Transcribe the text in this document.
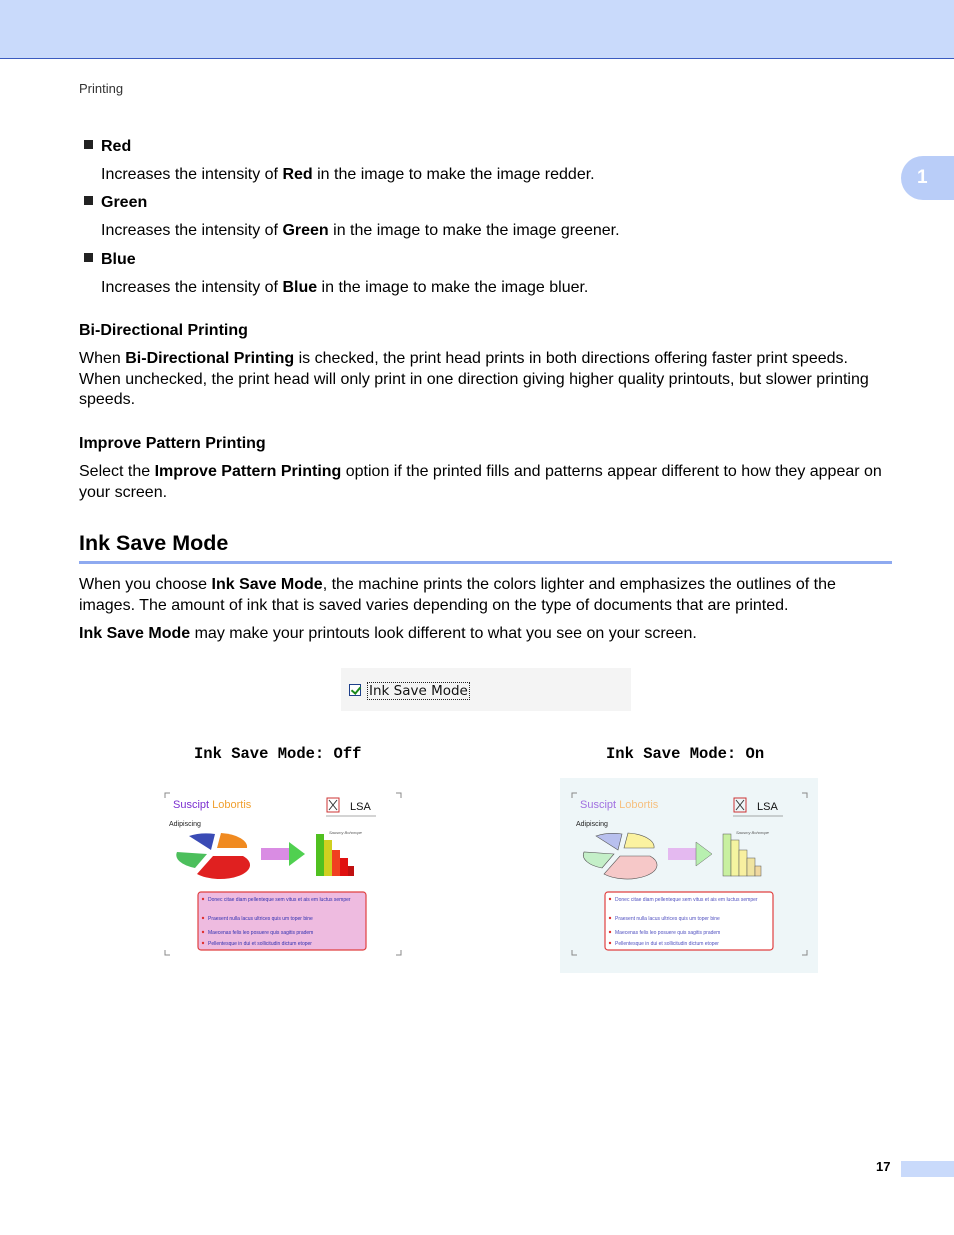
Printing
1
Red
Increases the intensity of Red in the image to make the image redder.
Green
Increases the intensity of Green in the image to make the image greener.
Blue
Increases the intensity of Blue in the image to make the image bluer.
Bi-Directional Printing
When Bi-Directional Printing is checked, the print head prints in both directions offering faster print speeds. When unchecked, the print head will only print in one direction giving higher quality printouts, but slower printing speeds.
Improve Pattern Printing
Select the Improve Pattern Printing option if the printed fills and patterns appear different to how they appear on your screen.
Ink Save Mode
When you choose Ink Save Mode, the machine prints the colors lighter and emphasizes the outlines of the images. The amount of ink that is saved varies depending on the type of documents that are printed.
Ink Save Mode may make your printouts look different to what you see on your screen.
Ink Save Mode
Ink Save Mode: Off	Ink Save Mode: On
Suscipt Lobortis	LSA
Adipiscing
Sausmy Bohorope
Donec citae diam pellenteque sem vitus et ais em luctus semper
Praesent nulla lacus ultrices quis um toper bine
Maecenas felis leo posuere quis sagitis pradem
Pellentesque in dui et sollicitudin dictum etoper
Suscipt Lobortis	LSA
Adipiscing
Sausmy Bohorope
Donec citae diam pellenteque sem vitus et ais em luctus semper
Praesent nulla lacus ultrices quis um toper bine
Maecenas felis leo posuere quis sagitis pradem
Pellentesque in dui et sollicitudin dictum etoper
17
